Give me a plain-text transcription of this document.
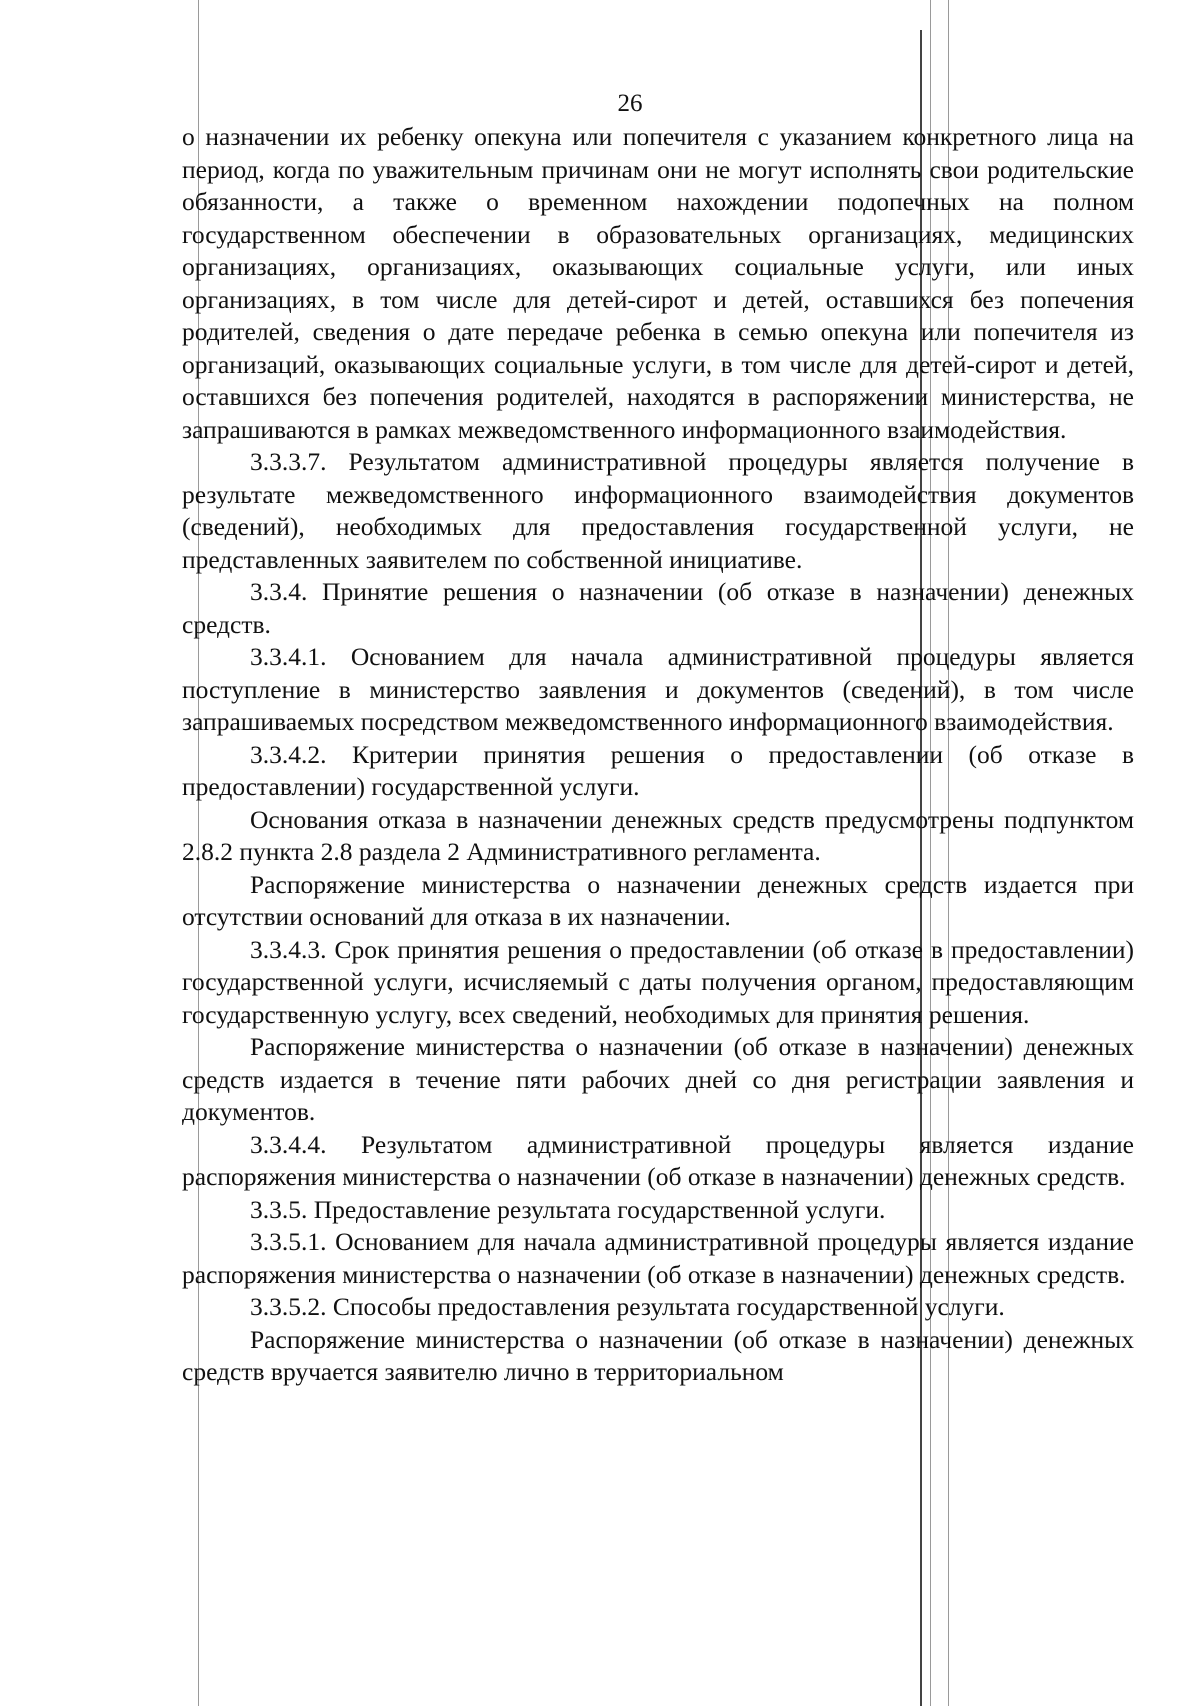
26

о назначении их ребенку опекуна или попечителя с указанием конкретного лица на период, когда по уважительным причинам они не могут исполнять свои родительские обязанности, а также о временном нахождении подопечных на полном государственном обеспечении в образовательных организациях, медицинских организациях, организациях, оказывающих социальные услуги, или иных организациях, в том числе для детей-сирот и детей, оставшихся без попечения родителей, сведения о дате передаче ребенка в семью опекуна или попечителя из организаций, оказывающих социальные услуги, в том числе для детей-сирот и детей, оставшихся без попечения родителей, находятся в распоряжении министерства, не запрашиваются в рамках межведомственного информационного взаимодействия.

3.3.3.7. Результатом административной процедуры является получение в результате межведомственного информационного взаимодействия документов (сведений), необходимых для предоставления государственной услуги, не представленных заявителем по собственной инициативе.

3.3.4. Принятие решения о назначении (об отказе в назначении) денежных средств.

3.3.4.1. Основанием для начала административной процедуры является поступление в министерство заявления и документов (сведений), в том числе запрашиваемых посредством межведомственного информационного взаимодействия.

3.3.4.2. Критерии принятия решения о предоставлении (об отказе в предоставлении) государственной услуги.

Основания отказа в назначении денежных средств предусмотрены подпунктом 2.8.2 пункта 2.8 раздела 2 Административного регламента.

Распоряжение министерства о назначении денежных средств издается при отсутствии оснований для отказа в их назначении.

3.3.4.3. Срок принятия решения о предоставлении (об отказе в предоставлении) государственной услуги, исчисляемый с даты получения органом, предоставляющим государственную услугу, всех сведений, необходимых для принятия решения.

Распоряжение министерства о назначении (об отказе в назначении) денежных средств издается в течение пяти рабочих дней со дня регистрации заявления и документов.

3.3.4.4. Результатом административной процедуры является издание распоряжения министерства о назначении (об отказе в назначении) денежных средств.

3.3.5. Предоставление результата государственной услуги.

3.3.5.1. Основанием для начала административной процедуры является издание распоряжения министерства о назначении (об отказе в назначении) денежных средств.

3.3.5.2. Способы предоставления результата государственной услуги.

Распоряжение министерства о назначении (об отказе в назначении) денежных средств вручается заявителю лично в территориальном
